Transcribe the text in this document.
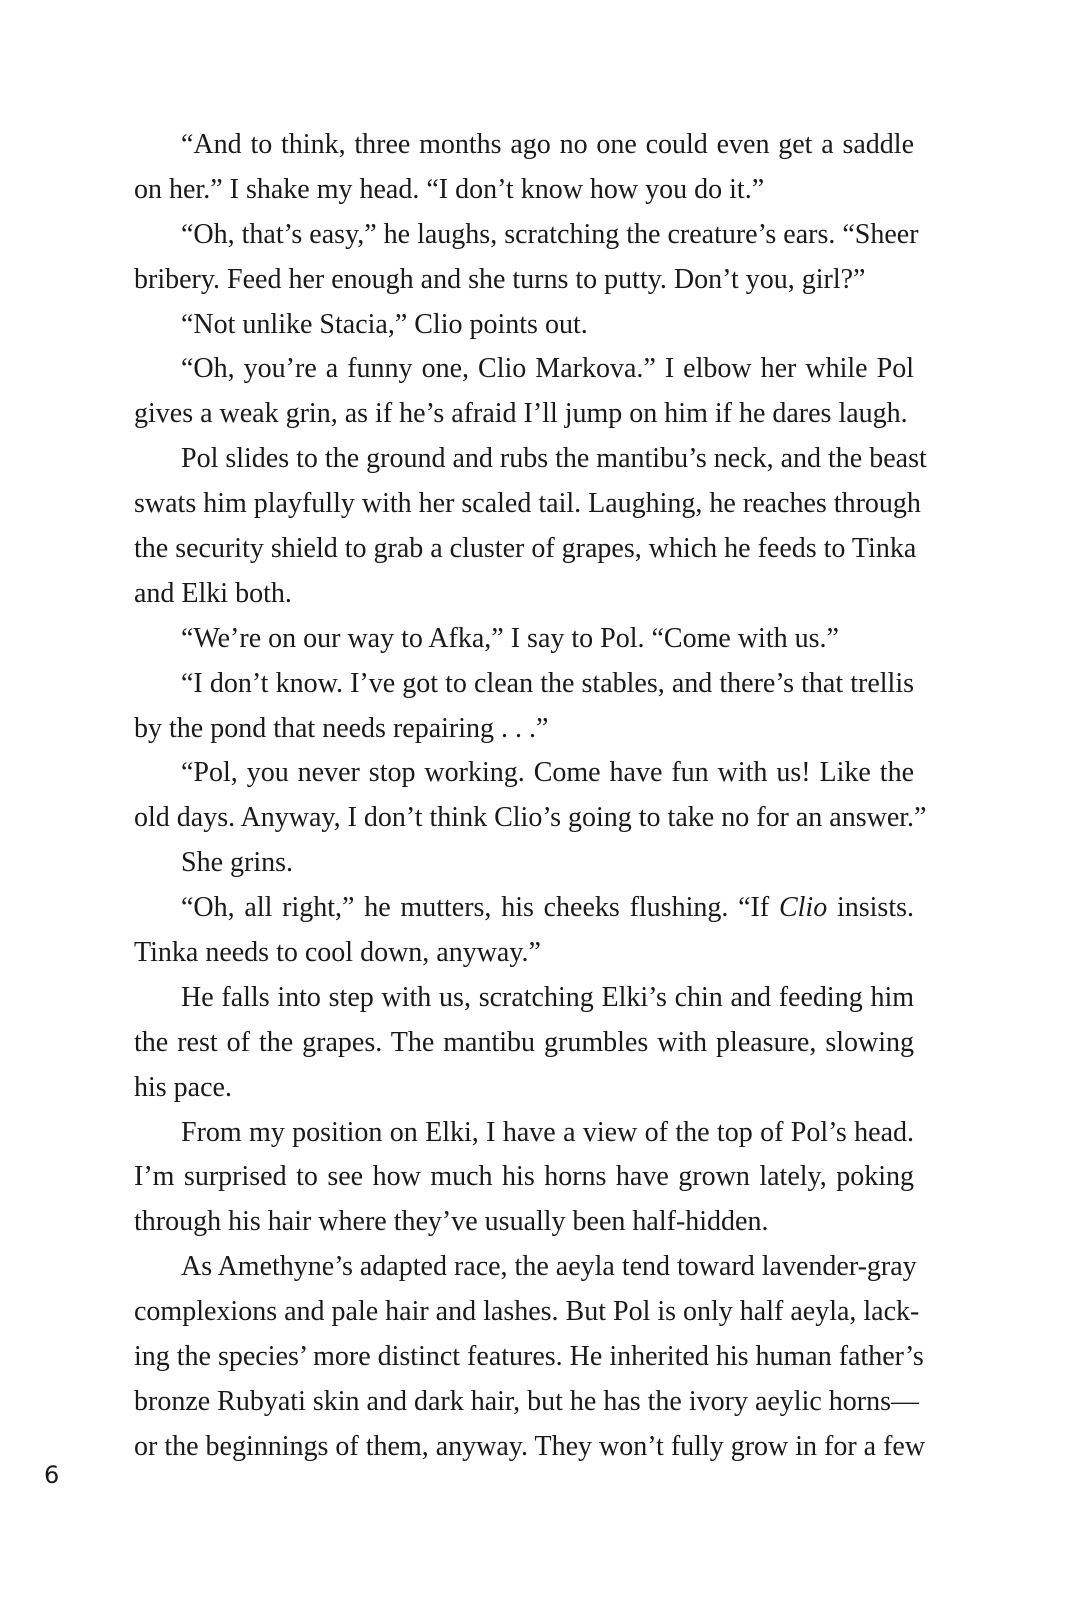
“And to think, three months ago no one could even get a saddle
on her.” I shake my head. “I don’t know how you do it.”
“Oh, that’s easy,” he laughs, scratching the creature’s ears. “Sheer
bribery. Feed her enough and she turns to putty. Don’t you, girl?”
“Not unlike Stacia,” Clio points out.
“Oh, you’re a funny one, Clio Markova.” I elbow her while Pol
gives a weak grin, as if he’s afraid I’ll jump on him if he dares laugh.
Pol slides to the ground and rubs the mantibu’s neck, and the beast
swats him playfully with her scaled tail. Laughing, he reaches through
the security shield to grab a cluster of grapes, which he feeds to Tinka
and Elki both.
“We’re on our way to Afka,” I say to Pol. “Come with us.”
“I don’t know. I’ve got to clean the stables, and there’s that trellis
by the pond that needs repairing . . .”
“Pol, you never stop working. Come have fun with us! Like the
old days. Anyway, I don’t think Clio’s going to take no for an answer.”
She grins.
“Oh, all right,” he mutters, his cheeks flushing. “If Clio insists.
Tinka needs to cool down, anyway.”
He falls into step with us, scratching Elki’s chin and feeding him
the rest of the grapes. The mantibu grumbles with pleasure, slowing
his pace.
From my position on Elki, I have a view of the top of Pol’s head.
I’m surprised to see how much his horns have grown lately, poking
through his hair where they’ve usually been half-hidden.
As Amethyne’s adapted race, the aeyla tend toward lavender-gray
complexions and pale hair and lashes. But Pol is only half aeyla, lack-
ing the species’ more distinct features. He inherited his human father’s
bronze Rubyati skin and dark hair, but he has the ivory aeylic horns—
or the beginnings of them, anyway. They won’t fully grow in for a few
6
